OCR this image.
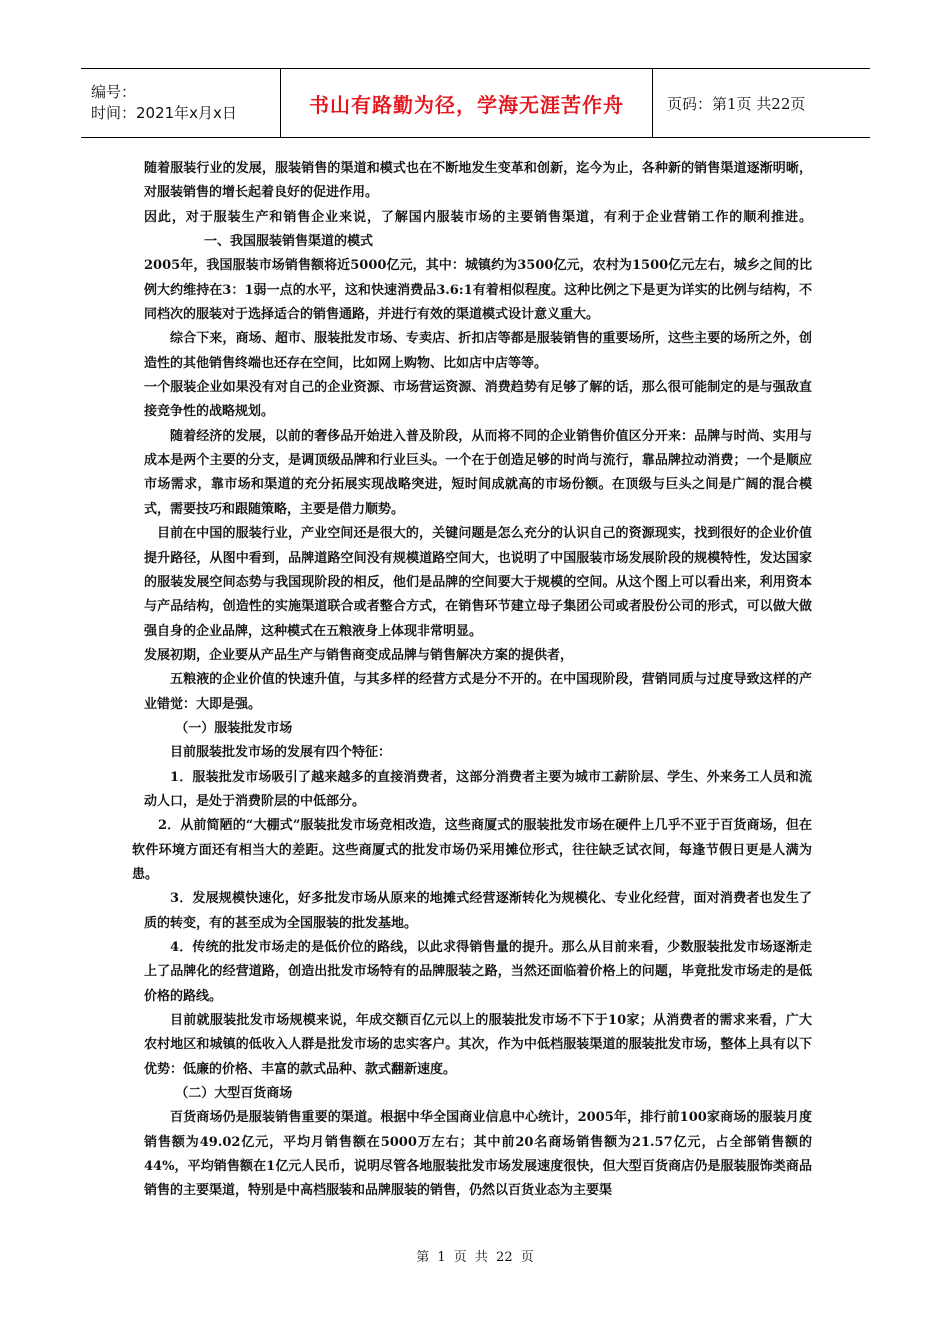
编号：
时间：2021年x月x日	书山有路勤为径，学海无涯苦作舟	页码：第1页 共22页

随着服装行业的发展，服装销售的渠道和模式也在不断地发生变革和创新，迄今为止，各种新的销售渠道逐渐明晰，对服装销售的增长起着良好的促进作用。

因此，对于服装生产和销售企业来说，了解国内服装市场的主要销售渠道，有利于企业营销工作的顺利推进。一、我国服装销售渠道的模式

2005年，我国服装市场销售额将近5000亿元，其中：城镇约为3500亿元，农村为1500亿元左右，城乡之间的比例大约维持在3：1弱一点的水平，这和快速消费品3.6:1有着相似程度。这种比例之下是更为详实的比例与结构，不同档次的服装对于选择适合的销售通路，并进行有效的渠道模式设计意义重大。

综合下来，商场、超市、服装批发市场、专卖店、折扣店等都是服装销售的重要场所，这些主要的场所之外，创造性的其他销售终端也还存在空间，比如网上购物、比如店中店等等。

一个服装企业如果没有对自己的企业资源、市场营运资源、消费趋势有足够了解的话，那么很可能制定的是与强敌直接竞争性的战略规划。

随着经济的发展，以前的奢侈品开始进入普及阶段，从而将不同的企业销售价值区分开来：品牌与时尚、实用与成本是两个主要的分支，是调顶级品牌和行业巨头。一个在于创造足够的时尚与流行，靠品牌拉动消费；一个是顺应市场需求，靠市场和渠道的充分拓展实现战略突进，短时间成就高的市场份额。在顶级与巨头之间是广阔的混合模式，需要技巧和跟随策略，主要是借力顺势。

目前在中国的服装行业，产业空间还是很大的，关键问题是怎么充分的认识自己的资源现实，找到很好的企业价值提升路径，从图中看到，品牌道路空间没有规模道路空间大，也说明了中国服装市场发展阶段的规模特性，发达国家的服装发展空间态势与我国现阶段的相反，他们是品牌的空间要大于规模的空间。从这个图上可以看出来，利用资本与产品结构，创造性的实施渠道联合或者整合方式，在销售环节建立母子集团公司或者股份公司的形式，可以做大做强自身的企业品牌，这种模式在五粮液身上体现非常明显。

发展初期，企业要从产品生产与销售商变成品牌与销售解决方案的提供者，

五粮液的企业价值的快速升值，与其多样的经营方式是分不开的。在中国现阶段，营销同质与过度导致这样的产业错觉：大即是强。

（一）服装批发市场

目前服装批发市场的发展有四个特征：

1．服装批发市场吸引了越来越多的直接消费者，这部分消费者主要为城市工薪阶层、学生、外来务工人员和流动人口，是处于消费阶层的中低部分。

2．从前简陋的“大棚式”服装批发市场竞相改造，这些商厦式的服装批发市场在硬件上几乎不亚于百货商场，但在软件环境方面还有相当大的差距。这些商厦式的批发市场仍采用摊位形式，往往缺乏试衣间，每逢节假日更是人满为患。

3．发展规模快速化，好多批发市场从原来的地摊式经营逐渐转化为规模化、专业化经营，面对消费者也发生了质的转变，有的甚至成为全国服装的批发基地。

4．传统的批发市场走的是低价位的路线，以此求得销售量的提升。那么从目前来看，少数服装批发市场逐渐走上了品牌化的经营道路，创造出批发市场特有的品牌服装之路，当然还面临着价格上的问题，毕竟批发市场走的是低价格的路线。

目前就服装批发市场规模来说，年成交额百亿元以上的服装批发市场不下于10家；从消费者的需求来看，广大农村地区和城镇的低收入人群是批发市场的忠实客户。其次，作为中低档服装渠道的服装批发市场，整体上具有以下优势：低廉的价格、丰富的款式品种、款式翻新速度。

（二）大型百货商场

百货商场仍是服装销售重要的渠道。根据中华全国商业信息中心统计，2005年，排行前100家商场的服装月度销售额为49.02亿元，平均月销售额在5000万左右；其中前20名商场销售额为21.57亿元，占全部销售额的44%，平均销售额在1亿元人民币，说明尽管各地服装批发市场发展速度很快，但大型百货商店仍是服装服饰类商品销售的主要渠道，特别是中高档服装和品牌服装的销售，仍然以百货业态为主要渠

第 1 页 共 22 页
